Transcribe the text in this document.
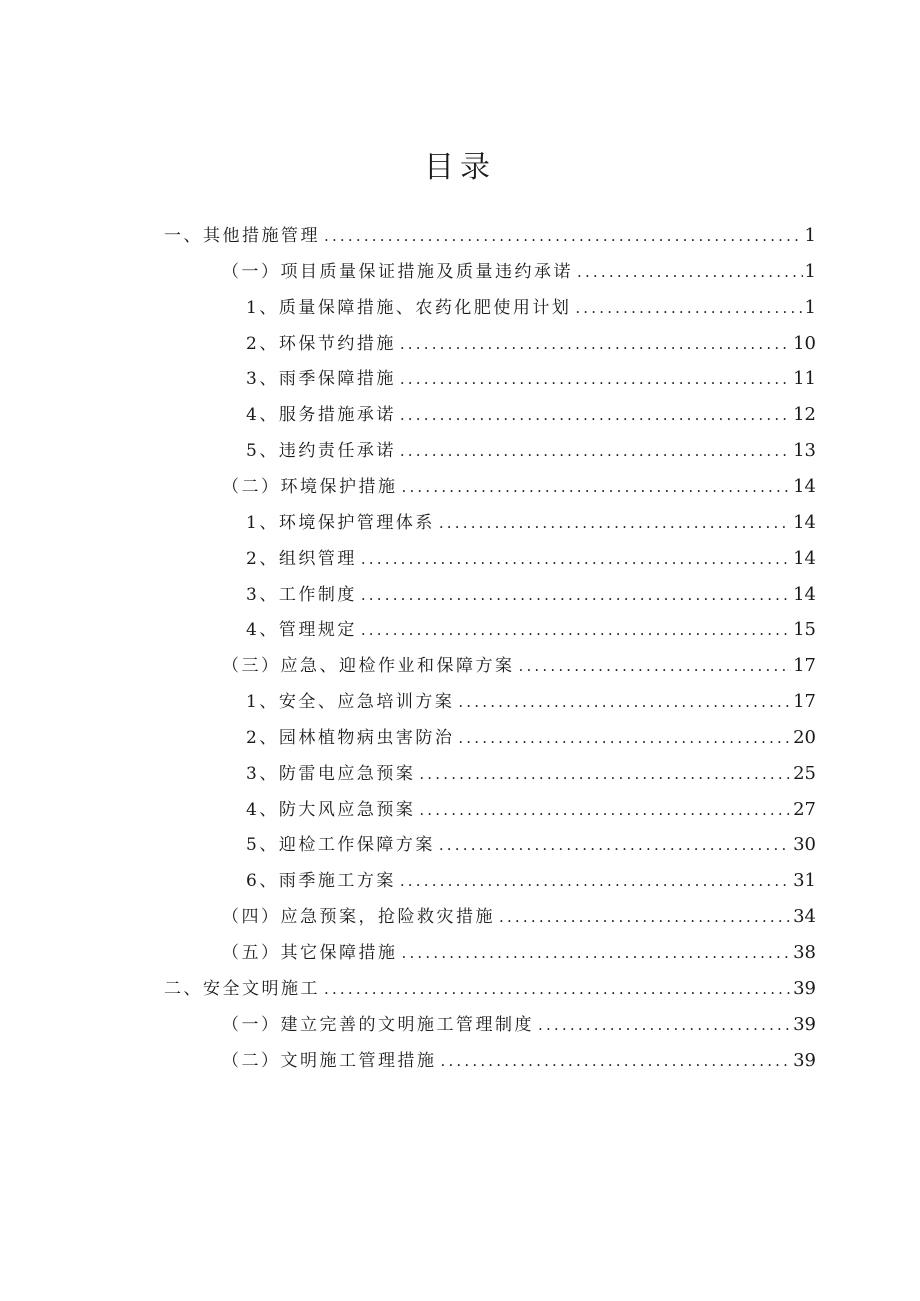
目录
一、其他措施管理 .....	1
（一）项目质量保证措施及质量违约承诺 .....	1
1、质量保障措施、农药化肥使用计划 .....	1
2、环保节约措施 .....	10
3、雨季保障措施 .....	11
4、服务措施承诺 .....	12
5、违约责任承诺 .....	13
（二）环境保护措施 .....	14
1、环境保护管理体系 .....	14
2、组织管理 .....	14
3、工作制度 .....	14
4、管理规定 .....	15
（三）应急、迎检作业和保障方案 .....	17
1、安全、应急培训方案 .....	17
2、园林植物病虫害防治 .....	20
3、防雷电应急预案 .....	25
4、防大风应急预案 .....	27
5、迎检工作保障方案 .....	30
6、雨季施工方案 .....	31
（四）应急预案，抢险救灾措施 .....	34
（五）其它保障措施 .....	38
二、安全文明施工 .....	39
（一）建立完善的文明施工管理制度 .....	39
（二）文明施工管理措施 .....	39
